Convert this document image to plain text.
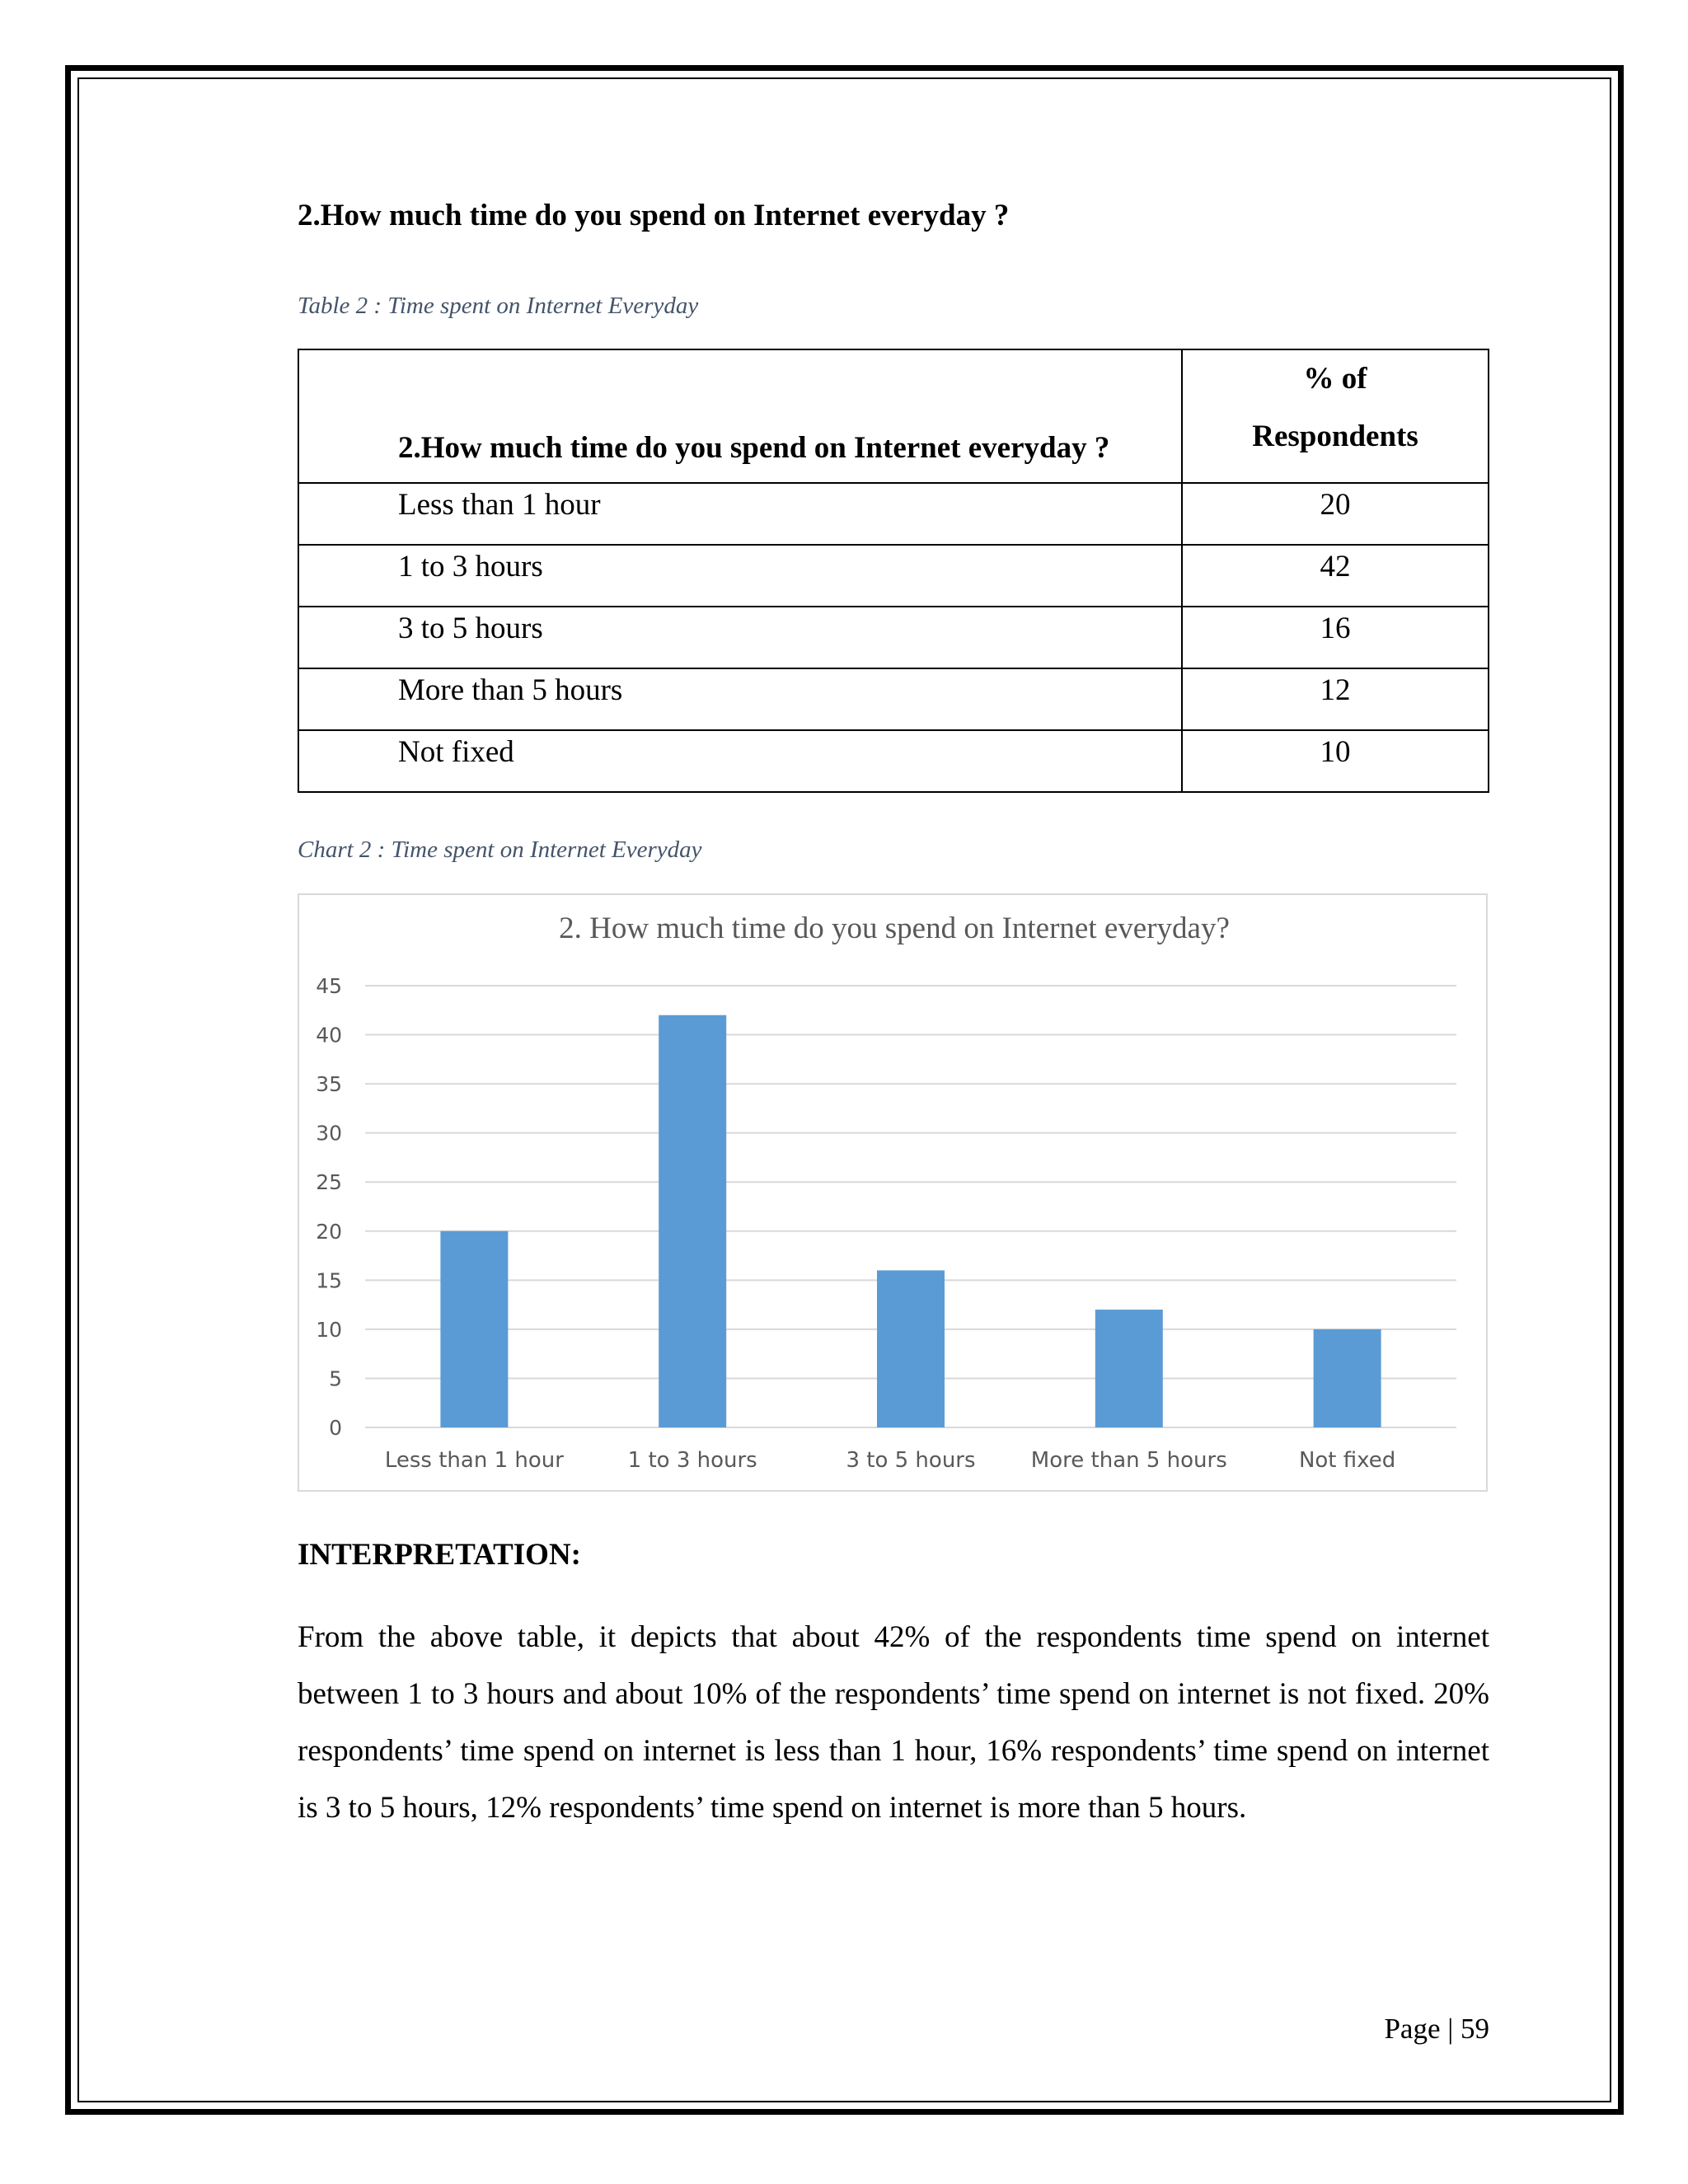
2.How much time do you spend on Internet everyday ?
Table 2 : Time spent on Internet Everyday
2.How much time do you spend on Internet everyday ?	% of
Respondents
Less than 1 hour	20
1 to 3 hours	42
3 to 5 hours	16
More than 5 hours	12
Not fixed	10
Chart 2 : Time spent on Internet Everyday
2. How much time do you spend on Internet everyday?
0
5
10
15
20
25
30
35
40
45
Less than 1 hour	1 to 3 hours	3 to 5 hours	More than 5 hours	Not fixed
INTERPRETATION:
From the above table, it depicts that about 42% of the respondents time spend on internet between 1 to 3 hours and about 10% of the respondents’ time spend on internet is not fixed. 20% respondents’ time spend on internet is less than 1 hour, 16% respondents’ time spend on internet is 3 to 5 hours, 12% respondents’ time spend on internet is more than 5 hours.
Page | 59
